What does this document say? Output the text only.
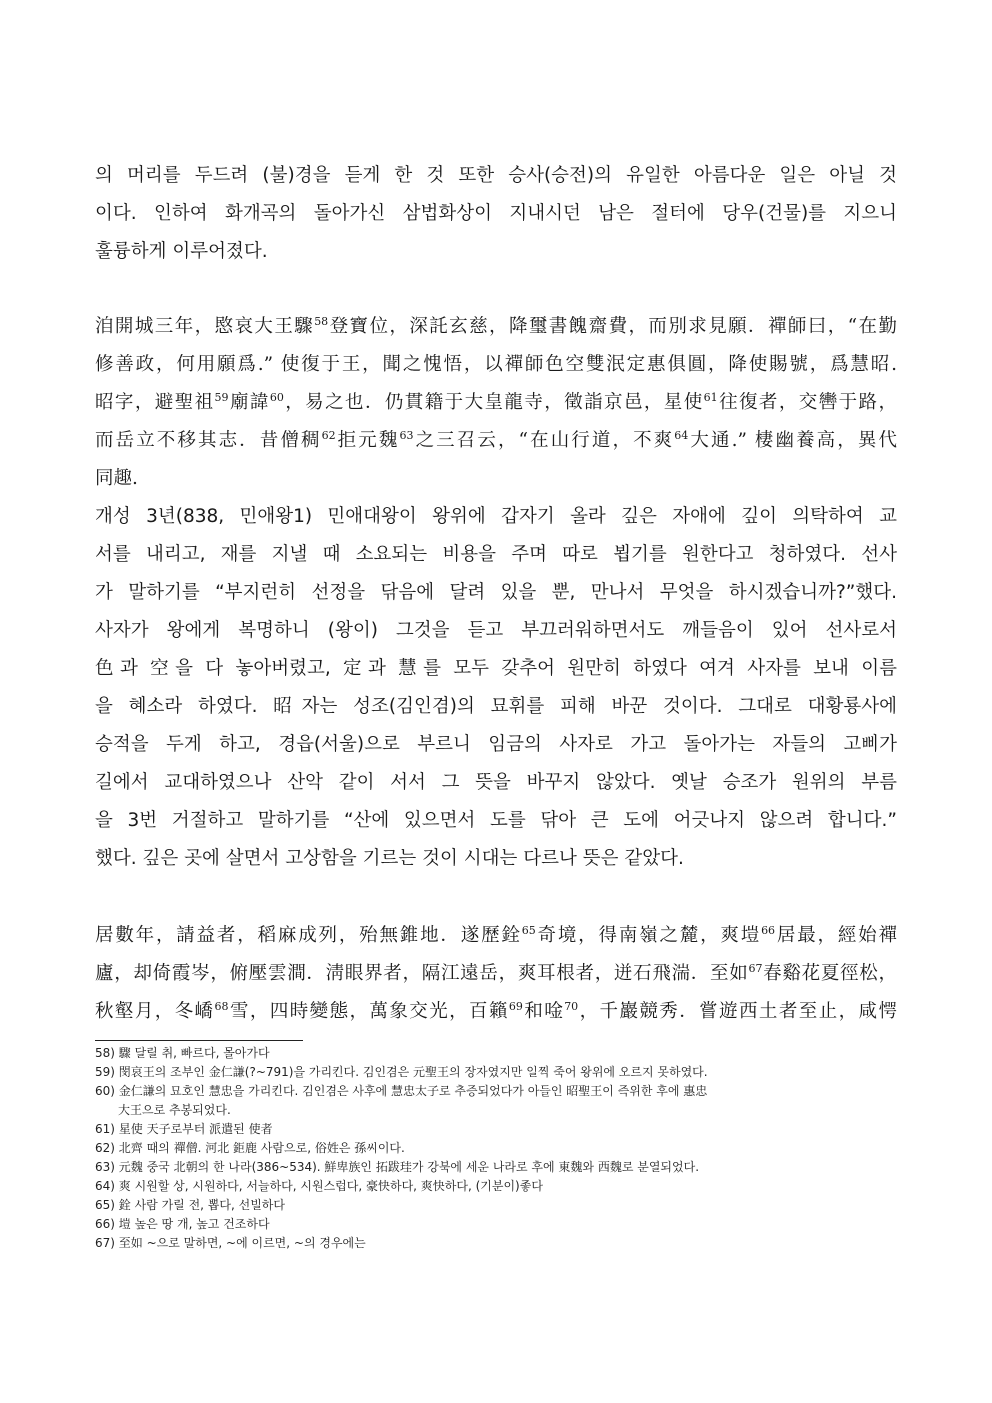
의 머리를 두드려 (불)경을 듣게 한 것 또한 승사(승전)의 유일한 아름다운 일은 아닐 것
이다. 인하여 화개곡의 돌아가신 삼법화상이 지내시던 남은 절터에 당우(건물)를 지으니
훌륭하게 이루어졌다.
洎開城三年，愍哀大王驟$^{58}$登寶位，深託玄慈，降璽書餽齋費，而別求見願．禪師曰，“在勤
修善政，何用願爲.” 使復于王，聞之愧悟，以禪師色空雙泯定惠俱圓，降使賜號，爲慧昭.
昭字，避聖祖$^{59}$廟諱$^{60}$，易之也．仍貫籍于大皇龍寺，徵詣京邑，星使$^{61}$往復者，交轡于路，
而岳立不移其志．昔僧稠$^{62}$拒元魏$^{63}$之三召云，“在山行道，不爽$^{64}$大通.” 棲幽養高，異代
同趣.
개성 3년(838, 민애왕1) 민애대왕이 왕위에 갑자기 올라 깊은 자애에 깊이 의탁하여 교
서를 내리고, 재를 지낼 때 소요되는 비용을 주며 따로 뵙기를 원한다고 청하였다. 선사
가 말하기를 “부지런히 선정을 닦음에 달려 있을 뿐, 만나서 무엇을 하시겠습니까?”했다.
사자가 왕에게 복명하니 (왕이) 그것을 듣고 부끄러워하면서도 깨들음이 있어 선사로서
色과 空을 다 놓아버렸고, 定과 慧를 모두 갖추어 원만히 하였다 여겨 사자를 보내 이름
을 혜소라 하였다. 昭자는 성조(김인겸)의 묘휘를 피해 바꾼 것이다. 그대로 대황룡사에
승적을 두게 하고, 경읍(서울)으로 부르니 임금의 사자로 가고 돌아가는 자들의 고삐가
길에서 교대하였으나 산악 같이 서서 그 뜻을 바꾸지 않았다. 옛날 승조가 원위의 부름
을 3번 거절하고 말하기를 “산에 있으면서 도를 닦아 큰 도에 어긋나지 않으려 합니다.”
했다. 깊은 곳에 살면서 고상함을 기르는 것이 시대는 다르나 뜻은 같았다.
居數年，請益者，稻麻成列，殆無錐地．遂歷銓$^{65}$奇境，得南嶺之麓，爽塏$^{66}$居最，經始禪
廬，却倚霞岑，俯壓雲澗．淸眼界者，隔江遠岳，爽耳根者，迸石飛湍．至如$^{67}$春谿花夏徑松，
秋壑月，冬嶠$^{68}$雪，四時變態，萬象交光，百籟$^{69}$和唫$^{70}$，千巖競秀．嘗遊西土者至止，咸愕
58) 驟 달릴 취, 빠르다, 몰아가다
59) 閔哀王의 조부인 金仁謙(?~791)을 가리킨다. 김인겸은 元聖王의 장자였지만 일찍 죽어 왕위에 오르지 못하였다.
60) 金仁謙의 묘호인 慧忠을 가리킨다. 김인겸은 사후에 慧忠太子로 추증되었다가 아들인 昭聖王이 즉위한 후에 惠忠
大王으로 추봉되었다.
61) 星使 天子로부터 派遣된 使者
62) 北齊 때의 禪僧. 河北 鉅鹿 사람으로, 俗姓은 孫씨이다.
63) 元魏 중국 北朝의 한 나라(386~534). 鮮卑族인 拓跋珪가 강북에 세운 나라로 후에 東魏와 西魏로 분열되었다.
64) 爽 시원할 상, 시원하다, 서늘하다, 시원스럽다, 豪快하다, 爽快하다, (기분이)좋다
65) 銓 사람 가릴 전, 뽑다, 선빌하다
66) 塏 높은 땅 개, 높고 건조하다
67) 至如 ~으로 말하면, ~에 이르면, ~의 경우에는
